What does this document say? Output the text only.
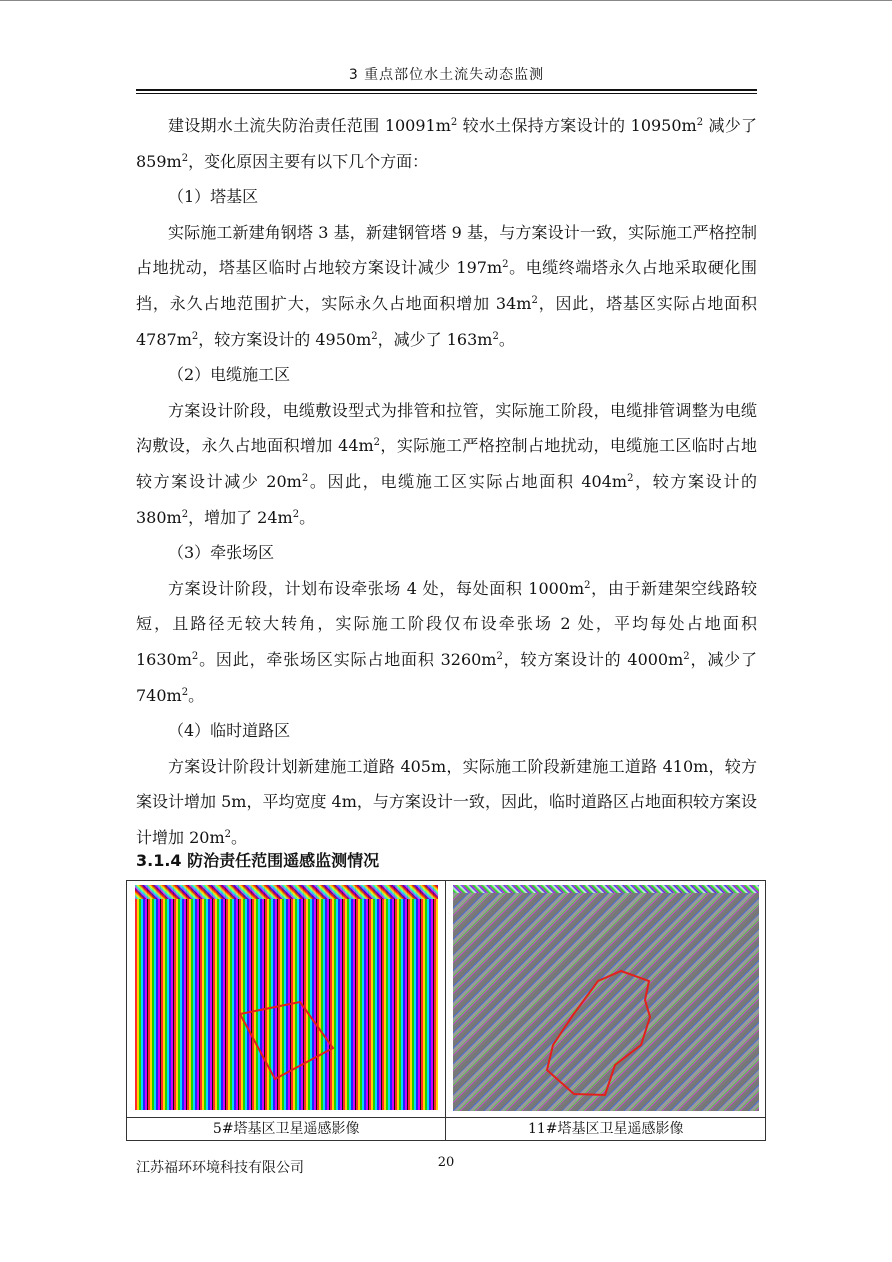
3 重点部位水土流失动态监测

建设期水土流失防治责任范围 $10091m^2$ 较水土保持方案设计的 $10950m^2$ 减少了 $859m^2$，变化原因主要有以下几个方面：

（1）塔基区

实际施工新建角钢塔 3 基，新建钢管塔 9 基，与方案设计一致，实际施工严格控制占地扰动，塔基区临时占地较方案设计减少 $197m^2$。电缆终端塔永久占地采取硬化围挡，永久占地范围扩大，实际永久占地面积增加 $34m^2$，因此，塔基区实际占地面积 $4787m^2$，较方案设计的 $4950m^2$，减少了 $163m^2$。

（2）电缆施工区

方案设计阶段，电缆敷设型式为排管和拉管，实际施工阶段，电缆排管调整为电缆沟敷设，永久占地面积增加 $44m^2$，实际施工严格控制占地扰动，电缆施工区临时占地较方案设计减少 $20m^2$。因此，电缆施工区实际占地面积 $404m^2$，较方案设计的 $380m^2$，增加了 $24m^2$。

（3）牵张场区

方案设计阶段，计划布设牵张场 4 处，每处面积 $1000m^2$，由于新建架空线路较短，且路径无较大转角，实际施工阶段仅布设牵张场 2 处，平均每处占地面积 $1630m^2$。因此，牵张场区实际占地面积 $3260m^2$，较方案设计的 $4000m^2$，减少了 $740m^2$。

（4）临时道路区

方案设计阶段计划新建施工道路 405m，实际施工阶段新建施工道路 410m，较方案设计增加 5m，平均宽度 4m，与方案设计一致，因此，临时道路区占地面积较方案设计增加 $20m^2$。

3.1.4 防治责任范围遥感监测情况

5#塔基区卫星遥感影像	11#塔基区卫星遥感影像
江苏福环环境科技有限公司	20
